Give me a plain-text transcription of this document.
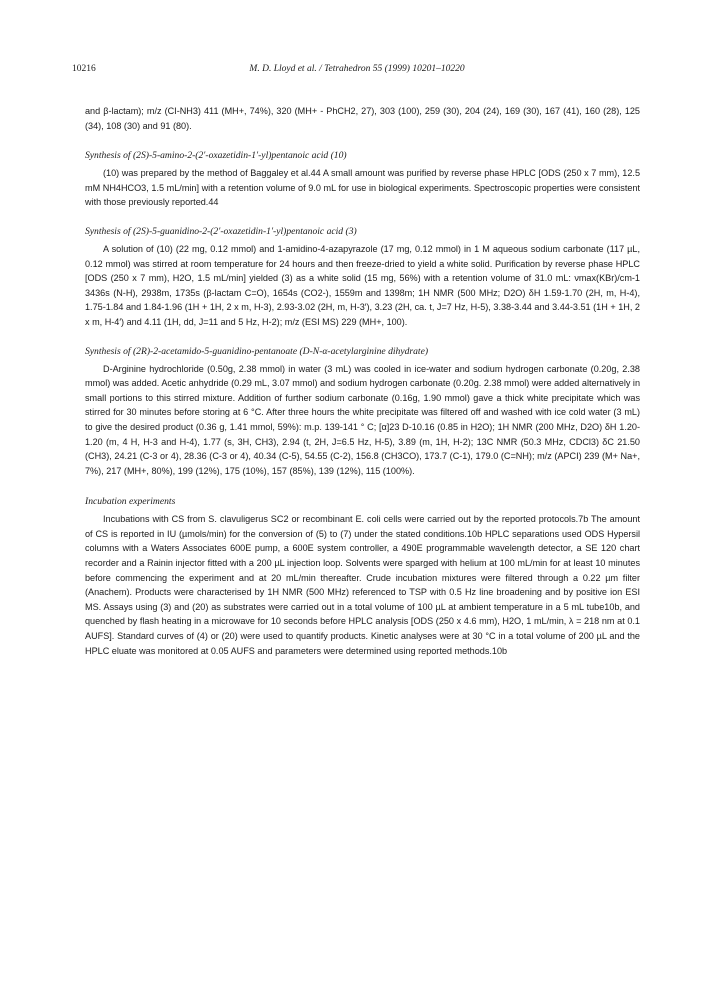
10216	M. D. Lloyd et al. / Tetrahedron 55 (1999) 10201–10220

and β-lactam); m/z (CI-NH3) 411 (MH+, 74%), 320 (MH+ - PhCH2, 27), 303 (100), 259 (30), 204 (24), 169 (30), 167 (41), 160 (28), 125 (34), 108 (30) and 91 (80).

Synthesis of (2S)-5-amino-2-(2′-oxazetidin-1′-yl)pentanoic acid (10)

(10) was prepared by the method of Baggaley et al.44 A small amount was purified by reverse phase HPLC [ODS (250 x 7 mm), 12.5 mM NH4HCO3, 1.5 mL/min] with a retention volume of 9.0 mL for use in biological experiments. Spectroscopic properties were consistent with those previously reported.44

Synthesis of (2S)-5-guanidino-2-(2′-oxazetidin-1′-yl)pentanoic acid (3)

A solution of (10) (22 mg, 0.12 mmol) and 1-amidino-4-azapyrazole (17 mg, 0.12 mmol) in 1 M aqueous sodium carbonate (117 µL, 0.12 mmol) was stirred at room temperature for 24 hours and then freeze-dried to yield a white solid. Purification by reverse phase HPLC [ODS (250 x 7 mm), H2O, 1.5 mL/min] yielded (3) as a white solid (15 mg, 56%) with a retention volume of 31.0 mL: νmax(KBr)/cm-1 3436s (N-H), 2938m, 1735s (β-lactam C=O), 1654s (CO2-), 1559m and 1398m; 1H NMR (500 MHz; D2O) δH 1.59-1.70 (2H, m, H-4), 1.75-1.84 and 1.84-1.96 (1H + 1H, 2 x m, H-3), 2.93-3.02 (2H, m, H-3′), 3.23 (2H, ca. t, J=7 Hz, H-5), 3.38-3.44 and 3.44-3.51 (1H + 1H, 2 x m, H-4′) and 4.11 (1H, dd, J=11 and 5 Hz, H-2); m/z (ESI MS) 229 (MH+, 100).

Synthesis of (2R)-2-acetamido-5-guanidino-pentanoate (D-N-α-acetylarginine dihydrate)

D-Arginine hydrochloride (0.50g, 2.38 mmol) in water (3 mL) was cooled in ice-water and sodium hydrogen carbonate (0.20g, 2.38 mmol) was added. Acetic anhydride (0.29 mL, 3.07 mmol) and sodium hydrogen carbonate (0.20g. 2.38 mmol) were added alternatively in small portions to this stirred mixture. Addition of further sodium carbonate (0.16g, 1.90 mmol) gave a thick white precipitate which was stirred for 30 minutes before storing at 6 °C. After three hours the white precipitate was filtered off and washed with ice cold water (3 mL) to give the desired product (0.36 g, 1.41 mmol, 59%): m.p. 139-141 ° C; [α]23 D-10.16 (0.85 in H2O); 1H NMR (200 MHz, D2O) δH 1.20-1.20 (m, 4 H, H-3 and H-4), 1.77 (s, 3H, CH3), 2.94 (t, 2H, J=6.5 Hz, H-5), 3.89 (m, 1H, H-2); 13C NMR (50.3 MHz, CDCl3) δC 21.50 (CH3), 24.21 (C-3 or 4), 28.36 (C-3 or 4), 40.34 (C-5), 54.55 (C-2), 156.8 (CH3CO), 173.7 (C-1), 179.0 (C=NH); m/z (APCI) 239 (M+ Na+, 7%), 217 (MH+, 80%), 199 (12%), 175 (10%), 157 (85%), 139 (12%), 115 (100%).

Incubation experiments

Incubations with CS from S. clavuligerus SC2 or recombinant E. coli cells were carried out by the reported protocols.7b The amount of CS is reported in IU (µmols/min) for the conversion of (5) to (7) under the stated conditions.10b HPLC separations used ODS Hypersil columns with a Waters Associates 600E pump, a 600E system controller, a 490E programmable wavelength detector, a SE 120 chart recorder and a Rainin injector fitted with a 200 µL injection loop. Solvents were sparged with helium at 100 mL/min for at least 10 minutes before commencing the experiment and at 20 mL/min thereafter. Crude incubation mixtures were filtered through a 0.22 µm filter (Anachem). Products were characterised by 1H NMR (500 MHz) referenced to TSP with 0.5 Hz line broadening and by positive ion ESI MS. Assays using (3) and (20) as substrates were carried out in a total volume of 100 µL at ambient temperature in a 5 mL tube10b, and quenched by flash heating in a microwave for 10 seconds before HPLC analysis [ODS (250 x 4.6 mm), H2O, 1 mL/min, λ = 218 nm at 0.1 AUFS]. Standard curves of (4) or (20) were used to quantify products. Kinetic analyses were at 30 °C in a total volume of 200 µL and the HPLC eluate was monitored at 0.05 AUFS and parameters were determined using reported methods.10b
